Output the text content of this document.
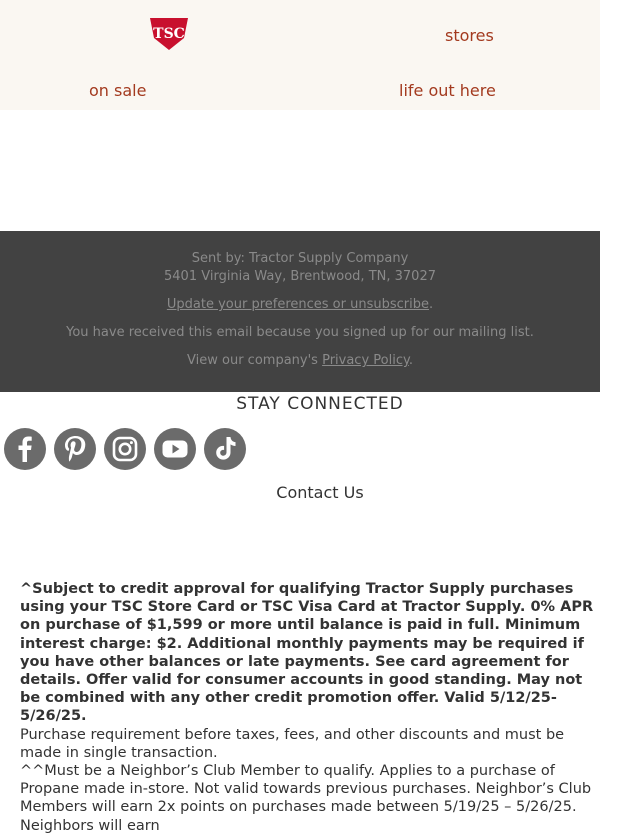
TSC	stores
on sale	life out here
Sent by: Tractor Supply Company
5401 Virginia Way, Brentwood, TN, 37027
Update your preferences or unsubscribe.
You have received this email because you signed up for our mailing list.
View our company's Privacy Policy.
STAY CONNECTED
Contact Us
^Subject to credit approval for qualifying Tractor Supply purchases using your TSC Store Card or TSC Visa Card at Tractor Supply. 0% APR on purchase of $1,599 or more until balance is paid in full. Minimum interest charge: $2. Additional monthly payments may be required if you have other balances or late payments. See card agreement for details. Offer valid for consumer accounts in good standing. May not be combined with any other credit promotion offer. Valid 5/12/25-5/26/25.
Purchase requirement before taxes, fees, and other discounts and must be made in single transaction.
^^Must be a Neighbor’s Club Member to qualify. Applies to a purchase of Propane made in-store. Not valid towards previous purchases. Neighbor’s Club Members will earn 2x points on purchases made between 5/19/25 – 5/26/25. Neighbors will earn
